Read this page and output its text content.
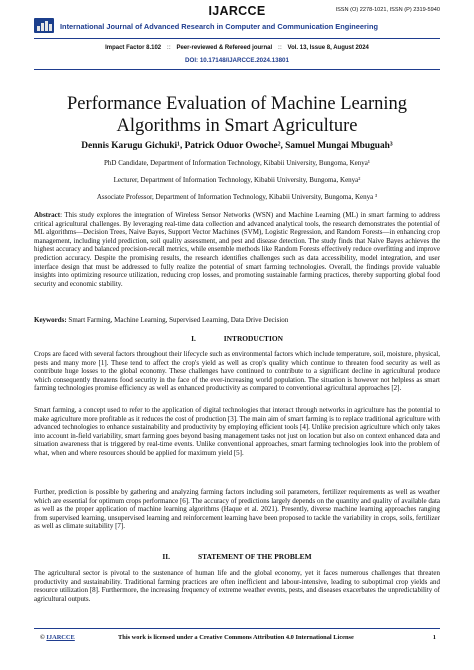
IJARCCE	ISSN (O) 2278-1021, ISSN (P) 2319-5940
International Journal of Advanced Research in Computer and Communication Engineering
Impact Factor 8.102 :: Peer-reviewed & Refereed journal :: Vol. 13, Issue 8, August 2024
DOI: 10.17148/IJARCCE.2024.13801
Performance Evaluation of Machine Learning
Algorithms in Smart Agriculture
Dennis Karugu Gichuki¹, Patrick Oduor Owoche², Samuel Mungai Mbuguah³
PhD Candidate, Department of Information Technology, Kibabii University, Bungoma, Kenya¹
Lecturer, Department of Information Technology, Kibabii University, Bungoma, Kenya²
Associate Professor, Department of Information Technology, Kibabii University, Bungoma, Kenya ³
Abstract: This study explores the integration of Wireless Sensor Networks (WSN) and Machine Learning (ML) in smart farming to address critical agricultural challenges. By leveraging real-time data collection and advanced analytical tools, the research demonstrates the potential of ML algorithms—Decision Trees, Naive Bayes, Support Vector Machines (SVM), Logistic Regression, and Random Forests—in enhancing crop management, including yield prediction, soil quality assessment, and pest and disease detection. The study finds that Naive Bayes achieves the highest accuracy and balanced precision-recall metrics, while ensemble methods like Random Forests effectively reduce overfitting and improve prediction accuracy. Despite the promising results, the research identifies challenges such as data accessibility, model integration, and user interface design that must be addressed to fully realize the potential of smart farming technologies. Overall, the findings provide valuable insights into optimizing resource utilization, reducing crop losses, and promoting sustainable farming practices, thereby supporting global food security and economic stability.
Keywords: Smart Farming, Machine Learning, Supervised Learning, Data Drive Decision
I.	INTRODUCTION
Crops are faced with several factors throughout their lifecycle such as environmental factors which include temperature, soil, moisture, physical, pests and many more [1]. These tend to affect the crop's yield as well as crop's quality which continue to threaten food security as well as contribute huge losses to the global economy. These challenges have continued to contribute to a significant decline in agricultural produce which consequently threatens food security in the face of the ever-increasing world population. The situation is however not helpless as smart farming technologies promise efficiency as well as enhanced productivity as compared to conventional agricultural approaches [2].
Smart farming, a concept used to refer to the application of digital technologies that interact through networks in agriculture has the potential to make agriculture more profitable as it reduces the cost of production [3]. The main aim of smart farming is to replace traditional agriculture with advanced technologies to enhance sustainability and productivity by employing efficient tools [4]. Unlike precision agriculture which only takes into account in-field variability, smart farming goes beyond basing management tasks not just on location but also on context enhanced data and situation awareness that is triggered by real-time events. Unlike conventional approaches, smart farming technologies look into the problem of what, when and where resources should be applied for maximum yield [5].
Further, prediction is possible by gathering and analyzing farming factors including soil parameters, fertilizer requirements as well as weather which are essential for optimum crops performance [6]. The accuracy of predictions largely depends on the quantity and quality of available data as well as the proper application of machine learning algorithms (Haque et al. 2021). Presently, diverse machine learning approaches ranging from supervised learning, unsupervised learning and reinforcement learning have been proposed to tackle the variability in crops, soils, fertilizer as well as climate suitability [7].
II.	STATEMENT OF THE PROBLEM
The agricultural sector is pivotal to the sustenance of human life and the global economy, yet it faces numerous challenges that threaten productivity and sustainability. Traditional farming practices are often inefficient and labour-intensive, leading to suboptimal crop yields and resource utilization [8]. Furthermore, the increasing frequency of extreme weather events, pests, and diseases exacerbates the unpredictability of agricultural outputs.
© IJARCCE	This work is licensed under a Creative Commons Attribution 4.0 International License	1
